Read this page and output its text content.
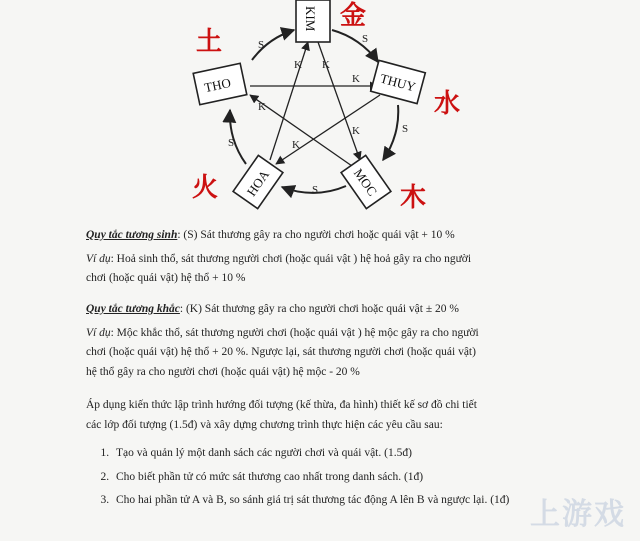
S
S
S
S
S
K
K
K
K
K
K
KIM
THUY
MOC
HOA
THO
金
水
木
火
土
Quy tắc tương sinh: (S) Sát thương gây ra cho người chơi hoặc quái vật + 10 %
Ví dụ: Hoả sinh thổ, sát thương người chơi (hoặc quái vật ) hệ hoả gây ra cho người
chơi (hoặc quái vật) hệ thổ + 10 %
Quy tắc tương khắc: (K) Sát thương gây ra cho người chơi hoặc quái vật ± 20 %
Ví dụ: Mộc khắc thổ, sát thương người chơi (hoặc quái vật ) hệ mộc gây ra cho người
chơi (hoặc quái vật) hệ thổ + 20 %. Ngược lại, sát thương người chơi (hoặc quái vật)
hệ thổ gây ra cho người chơi (hoặc quái vật) hệ mộc - 20 %
Áp dụng kiến thức lập trình hướng đối tượng (kế thừa, đa hình) thiết kế sơ đồ chi tiết
các lớp đối tượng (1.5đ) và xây dựng chương trình thực hiện các yêu cầu sau:
1. Tạo và quản lý một danh sách các người chơi và quái vật. (1.5đ)
2. Cho biết phần tử có mức sát thương cao nhất trong danh sách. (1đ)
3. Cho hai phần tử A và B, so sánh giá trị sát thương tác động A lên B và ngược lại. (1đ) 上游戏
